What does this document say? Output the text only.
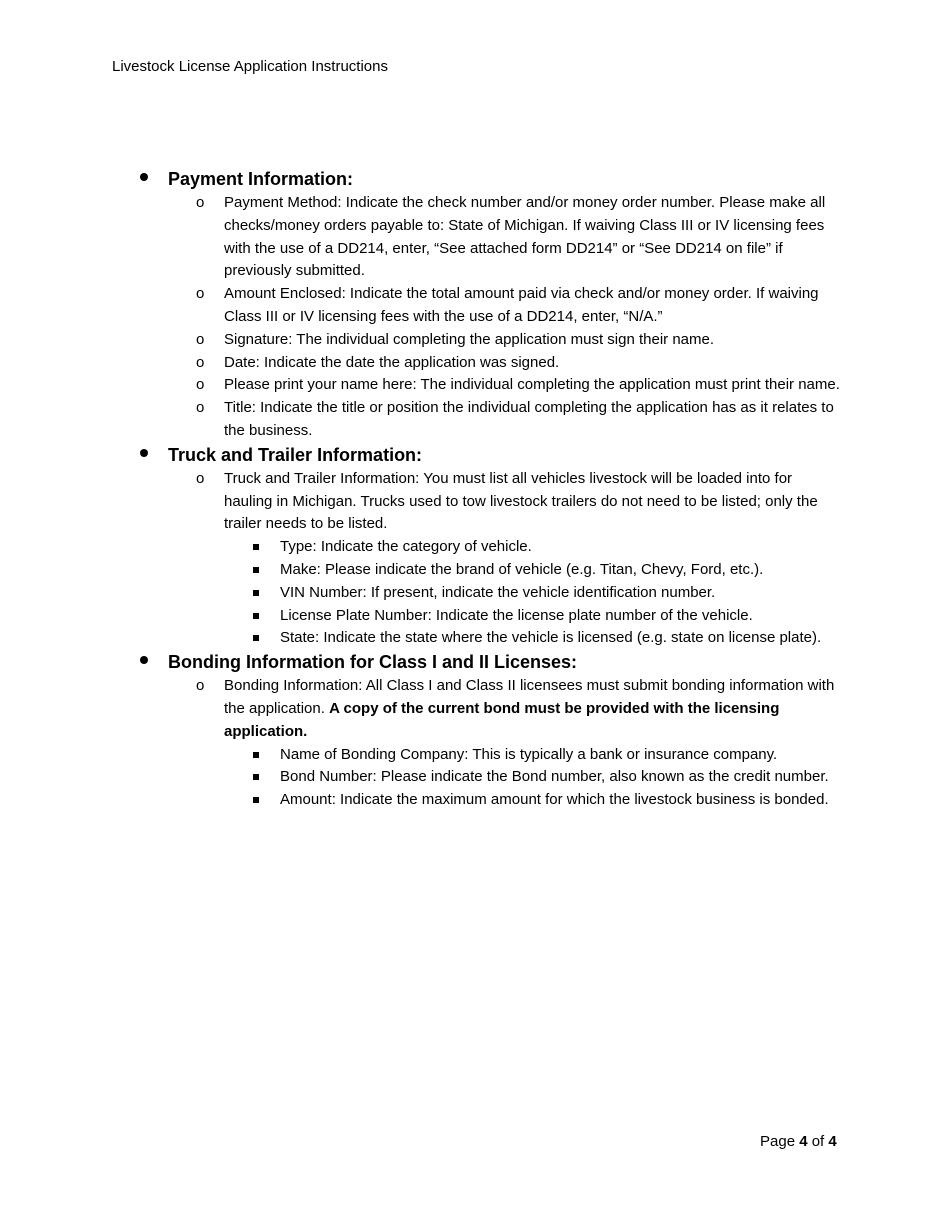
Livestock License Application Instructions
Payment Information:
o Payment Method: Indicate the check number and/or money order number. Please make all checks/money orders payable to: State of Michigan. If waiving Class III or IV licensing fees with the use of a DD214, enter, “See attached form DD214” or “See DD214 on file” if previously submitted.
o Amount Enclosed: Indicate the total amount paid via check and/or money order. If waiving Class III or IV licensing fees with the use of a DD214, enter, “N/A.”
o Signature: The individual completing the application must sign their name.
o Date: Indicate the date the application was signed.
o Please print your name here: The individual completing the application must print their name.
o Title: Indicate the title or position the individual completing the application has as it relates to the business.
Truck and Trailer Information:
o Truck and Trailer Information: You must list all vehicles livestock will be loaded into for hauling in Michigan. Trucks used to tow livestock trailers do not need to be listed; only the trailer needs to be listed.
Type: Indicate the category of vehicle.
Make: Please indicate the brand of vehicle (e.g. Titan, Chevy, Ford, etc.).
VIN Number: If present, indicate the vehicle identification number.
License Plate Number: Indicate the license plate number of the vehicle.
State: Indicate the state where the vehicle is licensed (e.g. state on license plate).
Bonding Information for Class I and II Licenses:
o Bonding Information: All Class I and Class II licensees must submit bonding information with the application. A copy of the current bond must be provided with the licensing application.
Name of Bonding Company: This is typically a bank or insurance company.
Bond Number: Please indicate the Bond number, also known as the credit number.
Amount: Indicate the maximum amount for which the livestock business is bonded.
Page 4 of 4
